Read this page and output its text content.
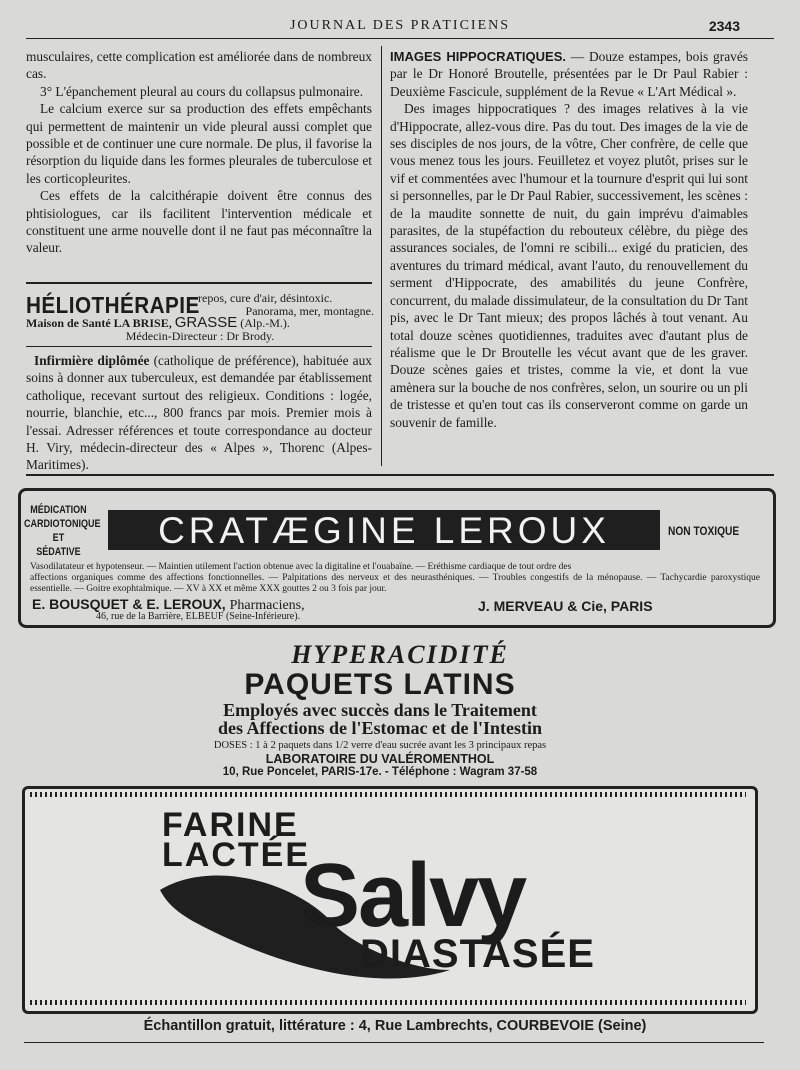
JOURNAL DES PRATICIENS	2343

musculaires, cette complication est améliorée dans de nombreux cas.

3° L'épanchement pleural au cours du collapsus pulmonaire.

Le calcium exerce sur sa production des effets empêchants qui permettent de maintenir un vide pleural aussi complet que possible et de continuer une cure normale. De plus, il favorise la résorption du liquide dans les formes pleurales de tuberculose et les corticopleurites.

Ces effets de la calcithérapie doivent être connus des phtisiologues, car ils facilitent l'intervention médicale et constituent une arme nouvelle dont il ne faut pas méconnaître la valeur.

HÉLIOTHÉRAPIE
repos, cure d'air, désintoxic.
Panorama, mer, montagne.
Maison de Santé LA BRISE, GRASSE (Alp.-M.).
Médecin-Directeur : Dr Brody.

Infirmière diplômée (catholique de préférence), habituée aux soins à donner aux tuberculeux, est demandée par établissement catholique, recevant surtout des religieux. Conditions : logée, nourrie, blanchie, etc..., 800 francs par mois. Premier mois à l'essai. Adresser références et toute correspondance au docteur H. Viry, médecin-directeur des « Alpes », Thorenc (Alpes-Maritimes).

IMAGES HIPPOCRATIQUES. — Douze estampes, bois gravés par le Dr Honoré Broutelle, présentées par le Dr Paul Rabier : Deuxième Fascicule, supplément de la Revue « L'Art Médical ».

Des images hippocratiques ? des images relatives à la vie d'Hippocrate, allez-vous dire. Pas du tout. Des images de la vie de ses disciples de nos jours, de la vôtre, Cher confrère, de celle que vous menez tous les jours. Feuilletez et voyez plutôt, prises sur le vif et commentées avec l'humour et la tournure d'esprit qui lui sont si personnelles, par le Dr Paul Rabier, successivement, les scènes : de la maudite sonnette de nuit, du gain imprévu d'aimables parasites, de la stupéfaction du rebouteux célèbre, du piège des assurances sociales, de l'omni re scibili... exigé du praticien, des aventures du trimard médical, avant l'auto, du renouvellement du serment d'Hippocrate, des amabilités du jeune Confrère, concurrent, du malade dissimulateur, de la consultation du Dr Tant pis, avec le Dr Tant mieux; des propos lâchés à tout venant. Au total douze scènes quotidiennes, traduites avec d'autant plus de réalisme que le Dr Broutelle les vécut avant que de les graver. Douze scènes gaies et tristes, comme la vie, et dont la vue amènera sur la bouche de nos confrères, selon, un sourire ou un pli de tristesse et qu'en tout cas ils conserveront comme on garde un souvenir de famille.

MÉDICATION
CARDIOTONIQUE
ET
SÉDATIVE
CRATÆGINE LEROUX	NON TOXIQUE
Vasodilatateur et hypotenseur. — Maintien utilement l'action obtenue avec la digitaline et l'ouabaïne. — Eréthisme cardiaque de tout ordre des
affections organiques comme des affections fonctionnelles. — Palpitations des nerveux et des neurasthéniques. — Troubles congestifs de la ménopause. — Tachycardie paroxystique essentielle. — Goitre exophtalmique. — XV à XX et même XXX gouttes 2 ou 3 fois par jour.
E. BOUSQUET & E. LEROUX, Pharmaciens,
46, rue de la Barrière, ELBEUF (Seine-Inférieure).
J. MERVEAU & Cie, PARIS
HYPERACIDITÉ
PAQUETS LATINS
Employés avec succès dans le Traitement
des Affections de l'Estomac et de l'Intestin
DOSES : 1 à 2 paquets dans 1/2 verre d'eau sucrée avant les 3 principaux repas
LABORATOIRE DU VALÉROMENTHOL
10, Rue Poncelet, PARIS-17e. - Téléphone : Wagram 37-58
FARINE
LACTÉE
Salvy
DIASTASÉE
Échantillon gratuit, littérature : 4, Rue Lambrechts, COURBEVOIE (Seine)
